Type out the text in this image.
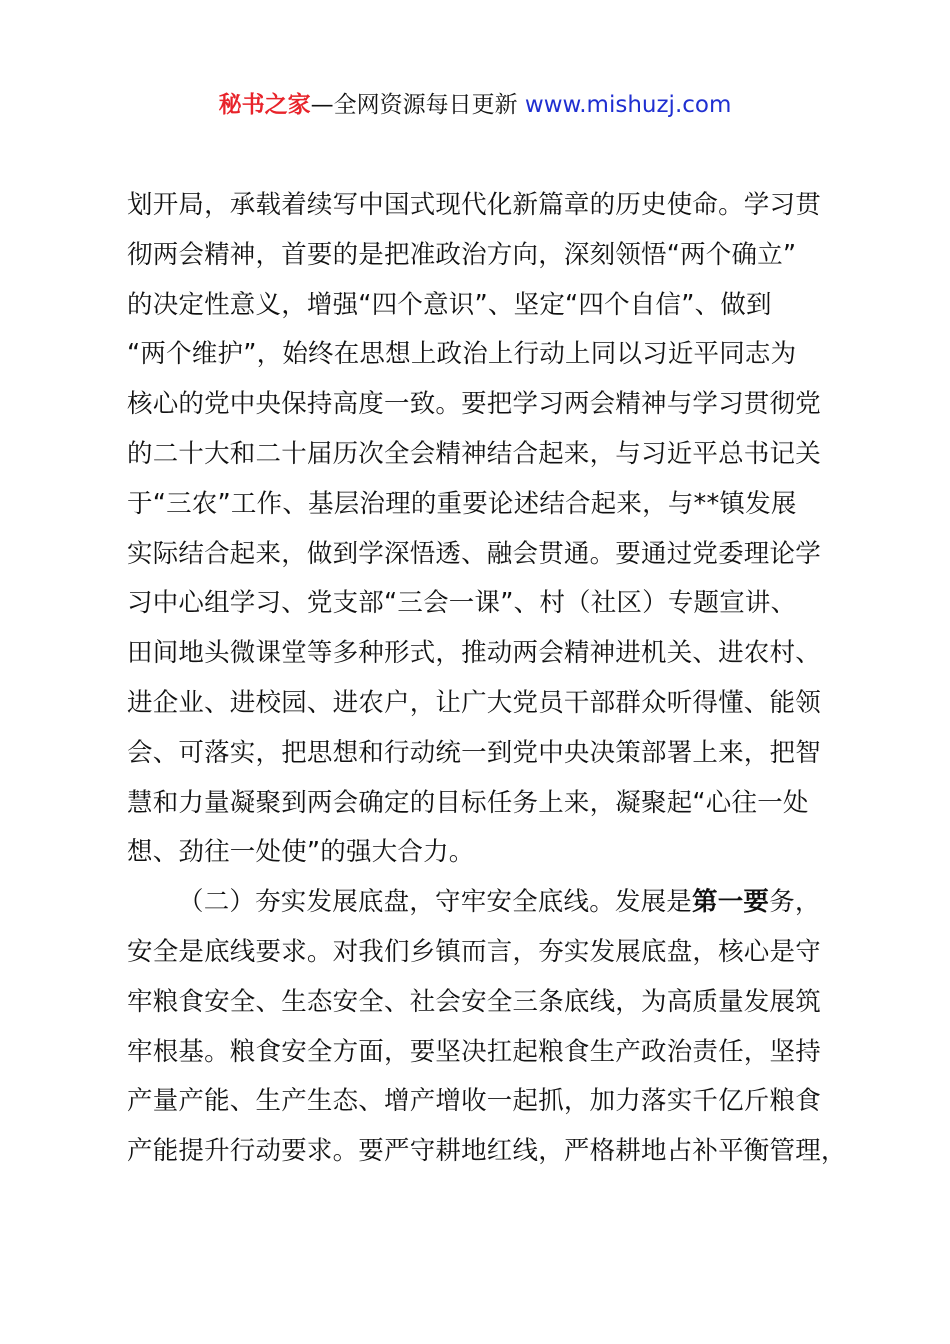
秘书之家—全网资源每日更新 www.mishuzj.com
划开局，承载着续写中国式现代化新篇章的历史使命。学习贯
彻两会精神，首要的是把准政治方向，深刻领悟“两个确立”
的决定性意义，增强“四个意识”、坚定“四个自信”、做到
“两个维护”，始终在思想上政治上行动上同以习近平同志为
核心的党中央保持高度一致。要把学习两会精神与学习贯彻党
的二十大和二十届历次全会精神结合起来，与习近平总书记关
于“三农”工作、基层治理的重要论述结合起来，与**镇发展
实际结合起来，做到学深悟透、融会贯通。要通过党委理论学
习中心组学习、党支部“三会一课”、村（社区）专题宣讲、
田间地头微课堂等多种形式，推动两会精神进机关、进农村、
进企业、进校园、进农户，让广大党员干部群众听得懂、能领
会、可落实，把思想和行动统一到党中央决策部署上来，把智
慧和力量凝聚到两会确定的目标任务上来，凝聚起“心往一处
想、劲往一处使”的强大合力。
（二）夯实发展底盘，守牢安全底线。发展是第一要务，
安全是底线要求。对我们乡镇而言，夯实发展底盘，核心是守
牢粮食安全、生态安全、社会安全三条底线，为高质量发展筑
牢根基。粮食安全方面，要坚决扛起粮食生产政治责任，坚持
产量产能、生产生态、增产增收一起抓，加力落实千亿斤粮食
产能提升行动要求。要严守耕地红线，严格耕地占补平衡管理，
